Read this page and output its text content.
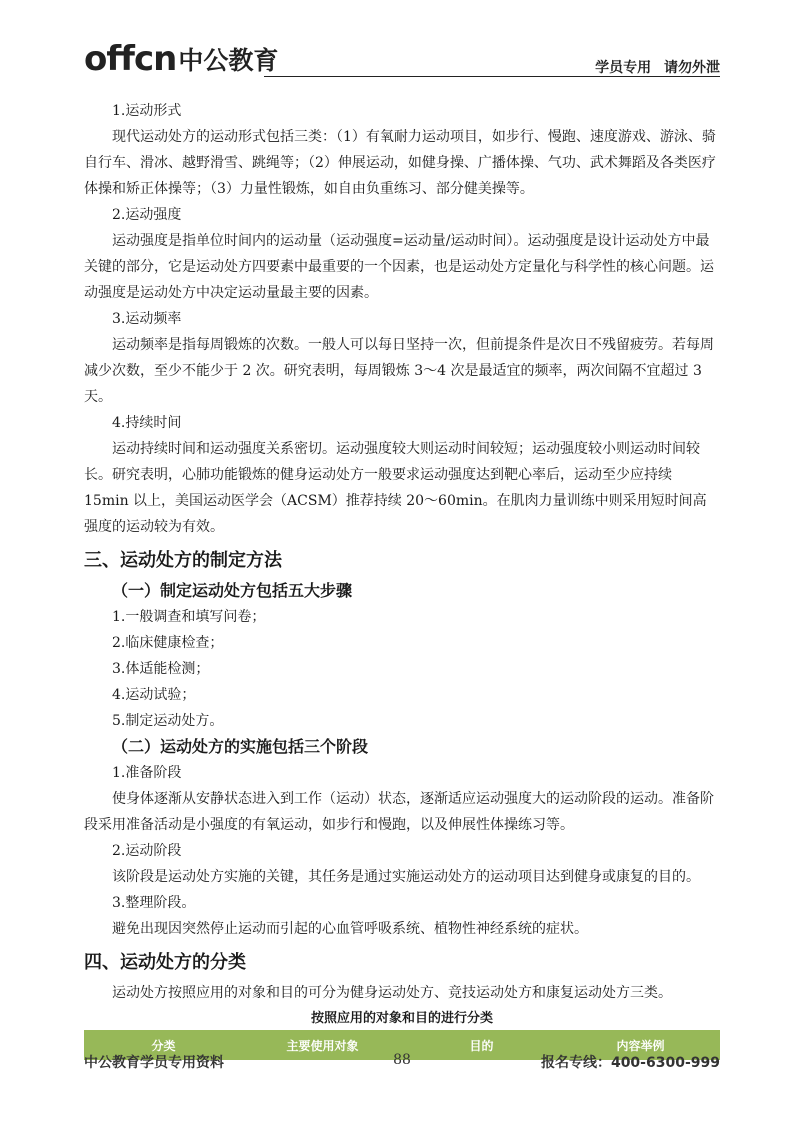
offcn 中公教育	学员专用 请勿外泄

1.运动形式

现代运动处方的运动形式包括三类：（1）有氧耐力运动项目，如步行、慢跑、速度游戏、游泳、骑自行车、滑冰、越野滑雪、跳绳等；（2）伸展运动，如健身操、广播体操、气功、武术舞蹈及各类医疗体操和矫正体操等；（3）力量性锻炼，如自由负重练习、部分健美操等。

2.运动强度

运动强度是指单位时间内的运动量（运动强度=运动量/运动时间）。运动强度是设计运动处方中最关键的部分，它是运动处方四要素中最重要的一个因素，也是运动处方定量化与科学性的核心问题。运动强度是运动处方中决定运动量最主要的因素。

3.运动频率

运动频率是指每周锻炼的次数。一般人可以每日坚持一次，但前提条件是次日不残留疲劳。若每周减少次数，至少不能少于 2 次。研究表明，每周锻炼 3～4 次是最适宜的频率，两次间隔不宜超过 3 天。

4.持续时间

运动持续时间和运动强度关系密切。运动强度较大则运动时间较短；运动强度较小则运动时间较长。研究表明，心肺功能锻炼的健身运动处方一般要求运动强度达到靶心率后，运动至少应持续 15min 以上，美国运动医学会（ACSM）推荐持续 20～60min。在肌肉力量训练中则采用短时间高强度的运动较为有效。

三、运动处方的制定方法
（一）制定运动处方包括五大步骤

1.一般调查和填写问卷；

2.临床健康检查；

3.体适能检测；

4.运动试验；

5.制定运动处方。

（二）运动处方的实施包括三个阶段

1.准备阶段

使身体逐渐从安静状态进入到工作（运动）状态，逐渐适应运动强度大的运动阶段的运动。准备阶段采用准备活动是小强度的有氧运动，如步行和慢跑，以及伸展性体操练习等。

2.运动阶段

该阶段是运动处方实施的关键，其任务是通过实施运动处方的运动项目达到健身或康复的目的。

3.整理阶段。

避免出现因突然停止运动而引起的心血管呼吸系统、植物性神经系统的症状。

四、运动处方的分类

运动处方按照应用的对象和目的可分为健身运动处方、竞技运动处方和康复运动处方三类。

按照应用的对象和目的进行分类
分类	主要使用对象	目的	内容举例
中公教育学员专用资料	88	报名专线：400-6300-999
